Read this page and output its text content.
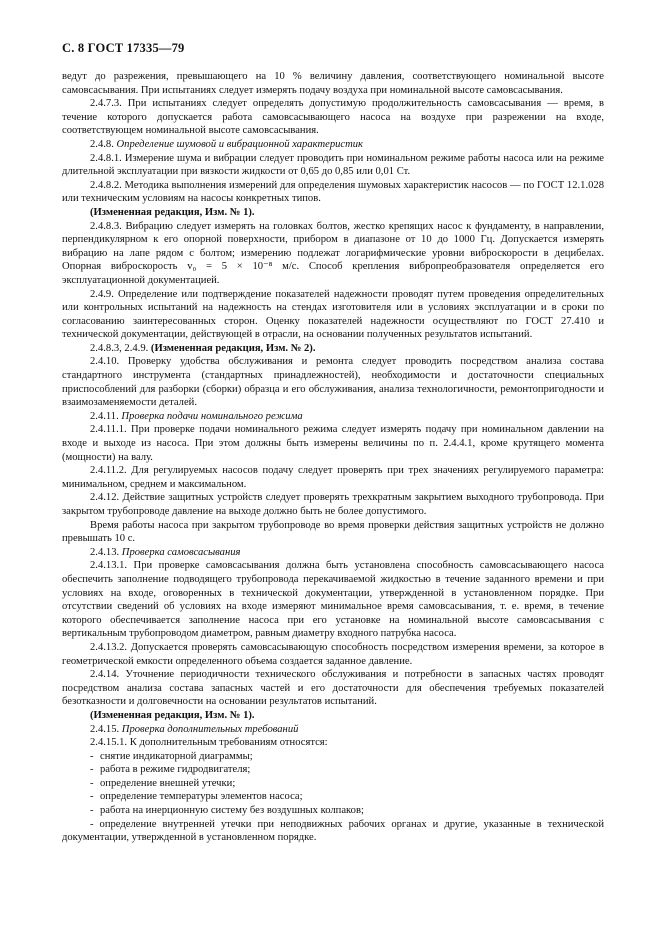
С. 8 ГОСТ 17335—79

ведут до разрежения, превышающего на 10 % величину давления, соответствующего номинальной высоте самовсасывания. При испытаниях следует измерять подачу воздуха при номинальной высоте самовсасывания.

2.4.7.3. При испытаниях следует определять допустимую продолжительность самовсасывания — время, в течение которого допускается работа самовсасывающего насоса на воздухе при разрежении на входе, соответствующем номинальной высоте самовсасывания.

2.4.8. Определение шумовой и вибрационной характеристик

2.4.8.1. Измерение шума и вибрации следует проводить при номинальном режиме работы насоса или на режиме длительной эксплуатации при вязкости жидкости от 0,65 до 0,85 или 0,01 Ст.

2.4.8.2. Методика выполнения измерений для определения шумовых характеристик насосов — по ГОСТ 12.1.028 или техническим условиям на насосы конкретных типов.

(Измененная редакция, Изм. № 1).

2.4.8.3. Вибрацию следует измерять на головках болтов, жестко крепящих насос к фундаменту, в направлении, перпендикулярном к его опорной поверхности, прибором в диапазоне от 10 до 1000 Гц. Допускается измерять вибрацию на лапе рядом с болтом; измерению подлежат логарифмические уровни виброскорости в децибелах. Опорная виброскорость v₀ = 5 × 10⁻⁸ м/с. Способ крепления вибропреобразователя определяется его эксплуатационной документацией.

2.4.9. Определение или подтверждение показателей надежности проводят путем проведения определительных или контрольных испытаний на надежность на стендах изготовителя или в условиях эксплуатации и в сроки по согласованию заинтересованных сторон. Оценку показателей надежности осуществляют по ГОСТ 27.410 и технической документации, действующей в отрасли, на основании полученных результатов испытаний.

2.4.8.3, 2.4.9. (Измененная редакция, Изм. № 2).

2.4.10. Проверку удобства обслуживания и ремонта следует проводить посредством анализа состава стандартного инструмента (стандартных принадлежностей), необходимости и достаточности специальных приспособлений для разборки (сборки) образца и его обслуживания, анализа технологичности, ремонтопригодности и взаимозаменяемости деталей.

2.4.11. Проверка подачи номинального режима

2.4.11.1. При проверке подачи номинального режима следует измерять подачу при номинальном давлении на входе и выходе из насоса. При этом должны быть измерены величины по п. 2.4.4.1, кроме крутящего момента (мощности) на валу.

2.4.11.2. Для регулируемых насосов подачу следует проверять при трех значениях регулируемого параметра: минимальном, среднем и максимальном.

2.4.12. Действие защитных устройств следует проверять трехкратным закрытием выходного трубопровода. При закрытом трубопроводе давление на выходе должно быть не более допустимого.

Время работы насоса при закрытом трубопроводе во время проверки действия защитных устройств не должно превышать 10 с.

2.4.13. Проверка самовсасывания

2.4.13.1. При проверке самовсасывания должна быть установлена способность самовсасывающего насоса обеспечить заполнение подводящего трубопровода перекачиваемой жидкостью в течение заданного времени и при условиях на входе, оговоренных в технической документации, утвержденной в установленном порядке. При отсутствии сведений об условиях на входе измеряют минимальное время самовсасывания, т. е. время, в течение которого обеспечивается заполнение насоса при его установке на номинальной высоте самовсасывания с вертикальным трубопроводом диаметром, равным диаметру входного патрубка насоса.

2.4.13.2. Допускается проверять самовсасывающую способность посредством измерения времени, за которое в геометрической емкости определенного объема создается заданное давление.

2.4.14. Уточнение периодичности технического обслуживания и потребности в запасных частях проводят посредством анализа состава запасных частей и его достаточности для обеспечения требуемых показателей безотказности и долговечности на основании результатов испытаний.

(Измененная редакция, Изм. № 1).

2.4.15. Проверка дополнительных требований

2.4.15.1. К дополнительным требованиям относятся:

- снятие индикаторной диаграммы;

- работа в режиме гидродвигателя;

- определение внешней утечки;

- определение температуры элементов насоса;

- работа на инерционную систему без воздушных колпаков;

- определение внутренней утечки при неподвижных рабочих органах и другие, указанные в технической документации, утвержденной в установленном порядке.
